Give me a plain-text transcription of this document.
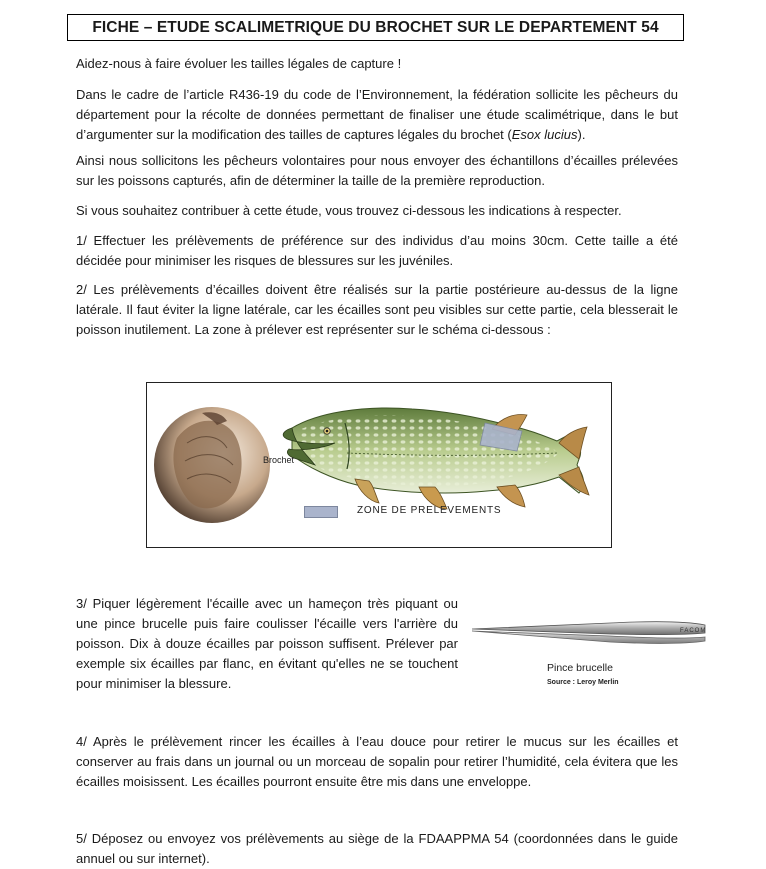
FICHE – ETUDE SCALIMETRIQUE DU BROCHET SUR LE DEPARTEMENT 54
Aidez-nous à faire évoluer les tailles légales de capture !
Dans le cadre de l’article R436-19 du code de l’Environnement, la fédération sollicite les pêcheurs du département pour la récolte de données permettant de finaliser une étude scalimétrique, dans le but d’argumenter sur la modification des tailles de captures légales du brochet (Esox lucius).
Ainsi nous sollicitons les pêcheurs volontaires pour nous envoyer des échantillons d’écailles prélevées sur les poissons capturés, afin de déterminer la taille de la première reproduction.
Si vous souhaitez contribuer à cette étude, vous trouvez ci-dessous les indications à respecter.
1/ Effectuer les prélèvements de préférence sur des individus d’au moins 30cm. Cette taille a été décidée pour minimiser les risques de blessures sur les juvéniles.
2/ Les prélèvements d’écailles doivent être réalisés sur la partie postérieure au-dessus de la ligne latérale. Il faut éviter la ligne latérale, car les écailles sont peu visibles sur cette partie, cela blesserait le poisson inutilement. La zone à prélever est représenter sur le schéma ci-dessous :
Brochet
ZONE DE PRELEVEMENTS
3/ Piquer légèrement l'écaille avec un hameçon très piquant ou une pince brucelle puis faire coulisser l'écaille vers l'arrière du poisson. Dix à douze écailles par poisson suffisent. Prélever par exemple six écailles par flanc, en évitant qu'elles ne se touchent pour minimiser la blessure.
FACOM
Pince brucelle
Source : Leroy Merlin
4/ Après le prélèvement rincer les écailles à l’eau douce pour retirer le mucus sur les écailles et conserver au frais dans un journal ou un morceau de sopalin pour retirer l’humidité, cela évitera que les écailles moisissent. Les écailles pourront ensuite être mis dans une enveloppe.
5/ Déposez ou envoyez vos prélèvements au siège de la FDAAPPMA 54 (coordonnées dans le guide annuel ou sur internet).
